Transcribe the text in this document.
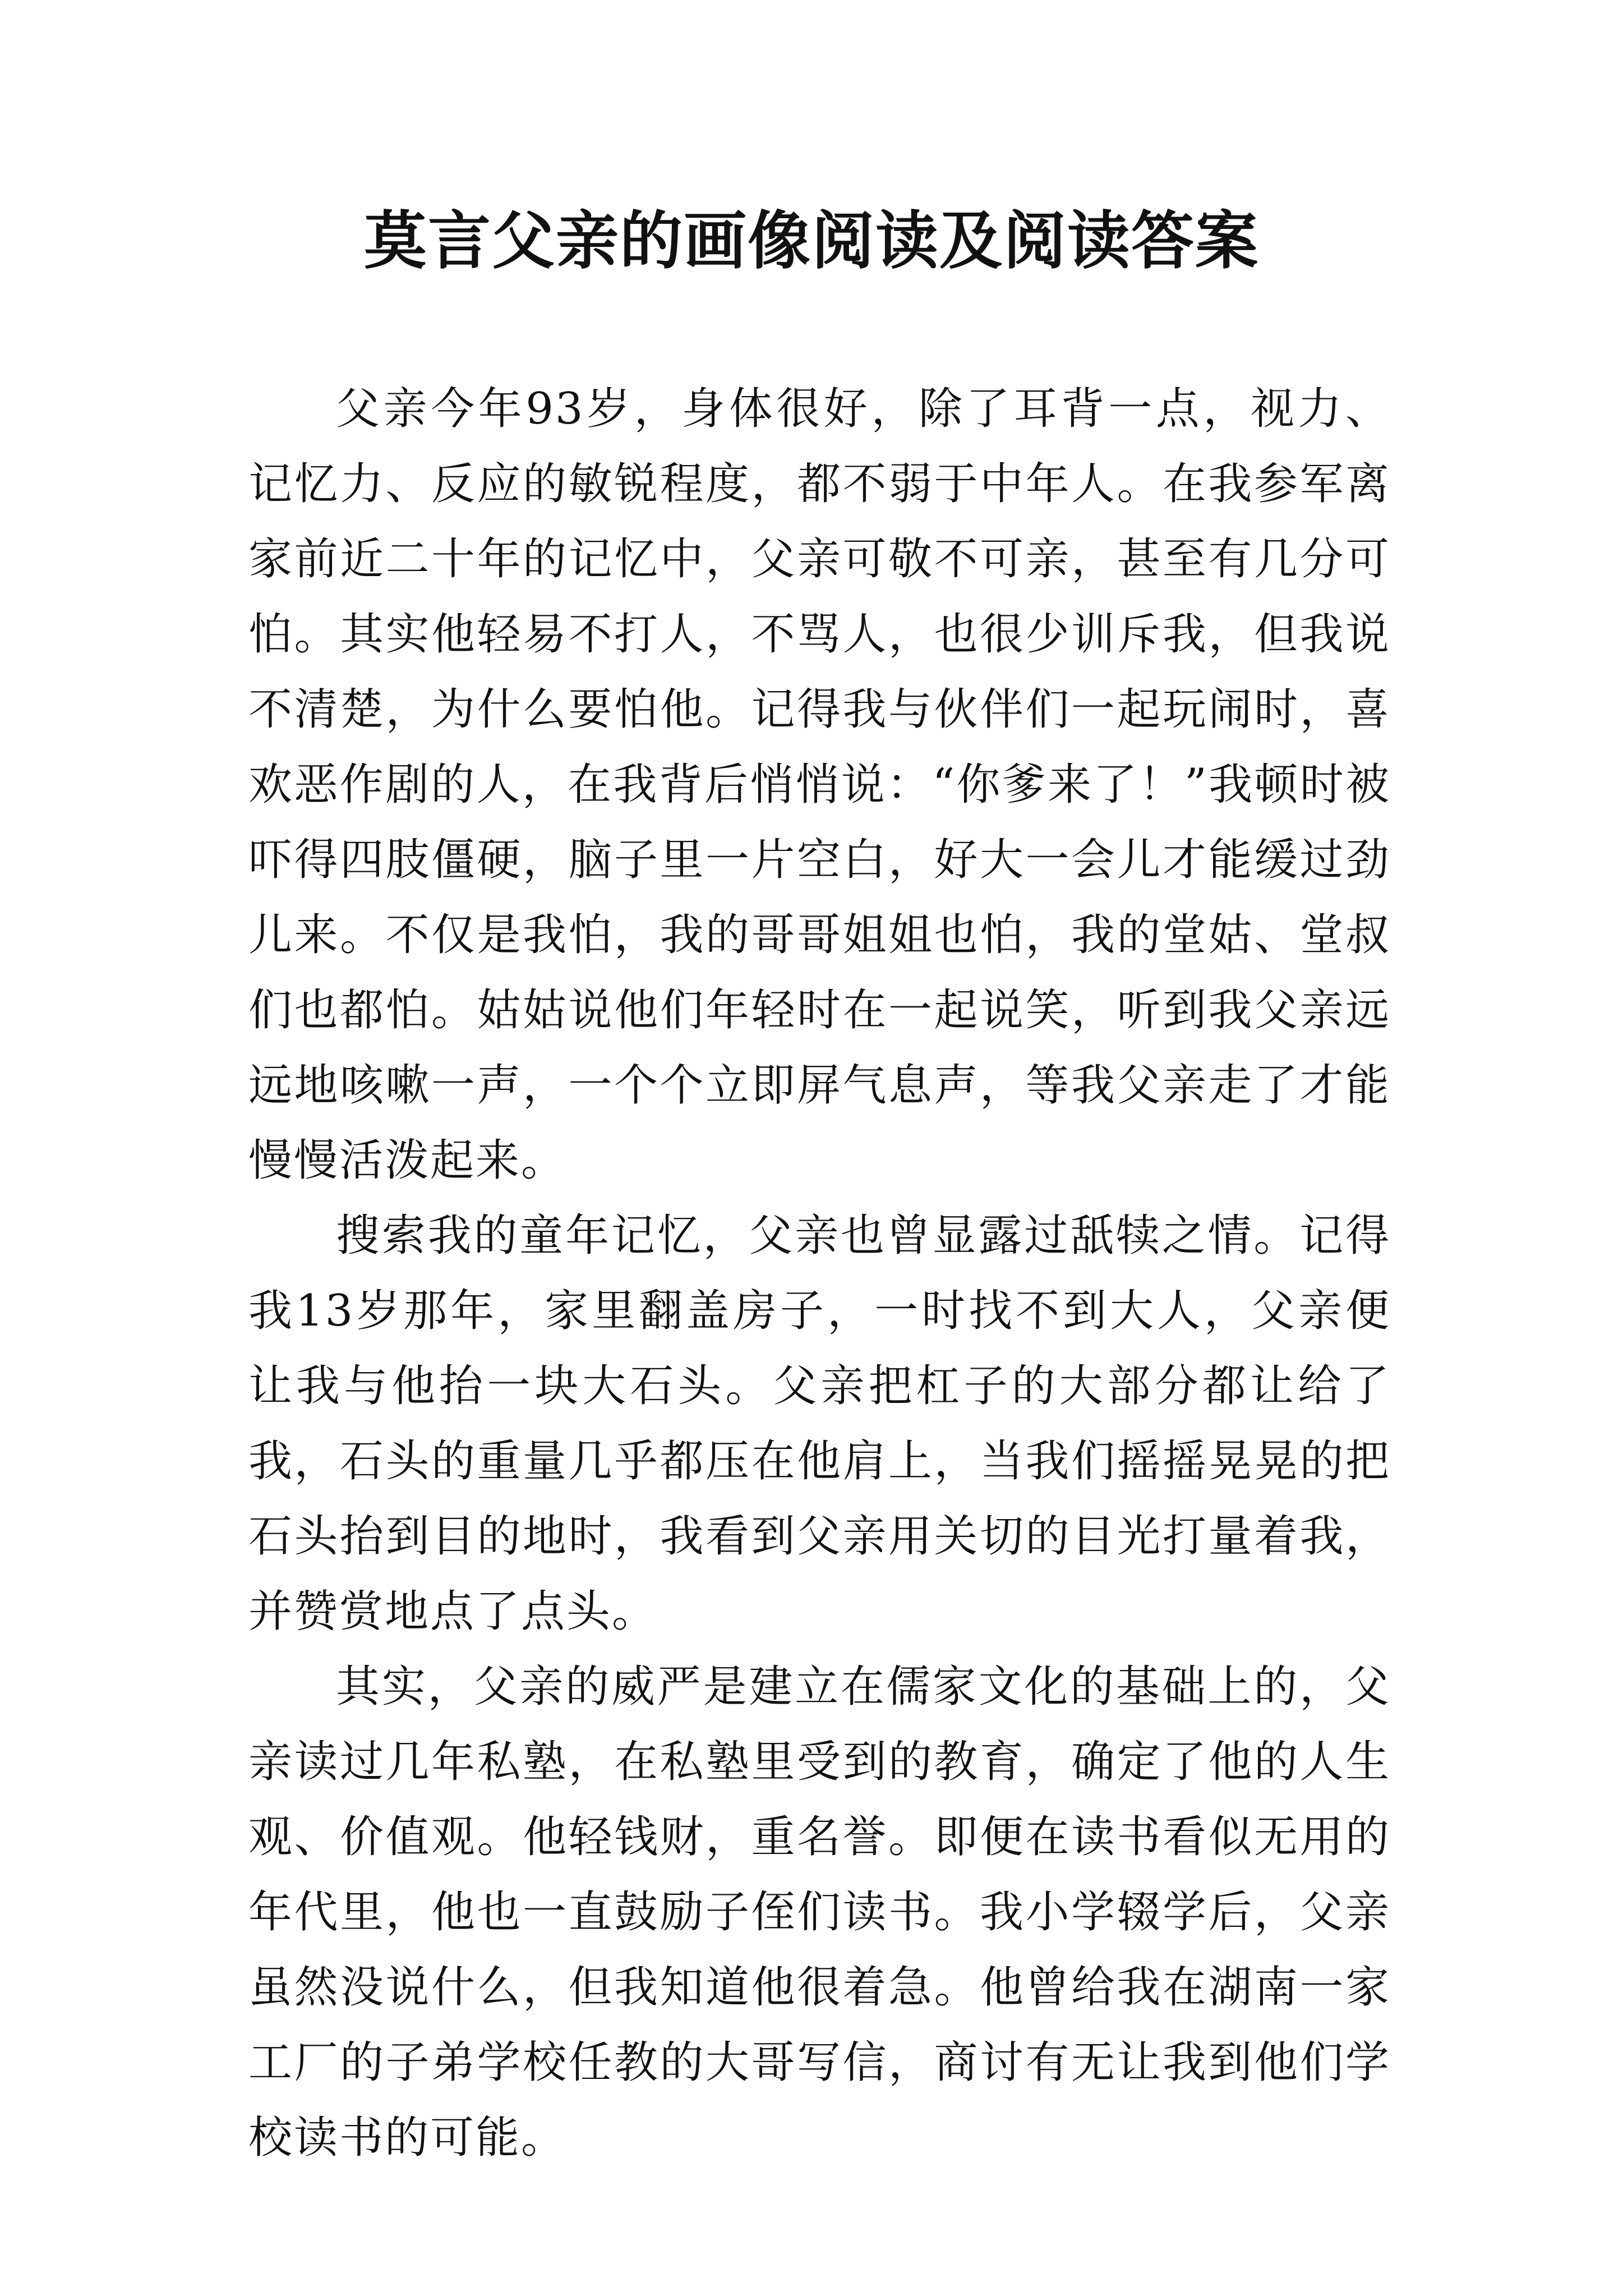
莫言父亲的画像阅读及阅读答案

父亲今年93岁，身体很好，除了耳背一点，视力、记忆力、反应的敏锐程度，都不弱于中年人。在我参军离家前近二十年的记忆中，父亲可敬不可亲，甚至有几分可怕。其实他轻易不打人，不骂人，也很少训斥我，但我说不清楚，为什么要怕他。记得我与伙伴们一起玩闹时，喜欢恶作剧的人，在我背后悄悄说：“你爹来了！”我顿时被吓得四肢僵硬，脑子里一片空白，好大一会儿才能缓过劲儿来。不仅是我怕，我的哥哥姐姐也怕，我的堂姑、堂叔们也都怕。姑姑说他们年轻时在一起说笑，听到我父亲远远地咳嗽一声，一个个立即屏气息声，等我父亲走了才能慢慢活泼起来。

搜索我的童年记忆，父亲也曾显露过舐犊之情。记得我13岁那年，家里翻盖房子，一时找不到大人，父亲便让我与他抬一块大石头。父亲把杠子的大部分都让给了我，石头的重量几乎都压在他肩上，当我们摇摇晃晃的把石头抬到目的地时，我看到父亲用关切的目光打量着我，并赞赏地点了点头。

其实，父亲的威严是建立在儒家文化的基础上的，父亲读过几年私塾，在私塾里受到的教育，确定了他的人生观、价值观。他轻钱财，重名誉。即便在读书看似无用的年代里，他也一直鼓励子侄们读书。我小学辍学后，父亲虽然没说什么，但我知道他很着急。他曾给我在湖南一家工厂的子弟学校任教的大哥写信，商讨有无让我到他们学校读书的可能。
